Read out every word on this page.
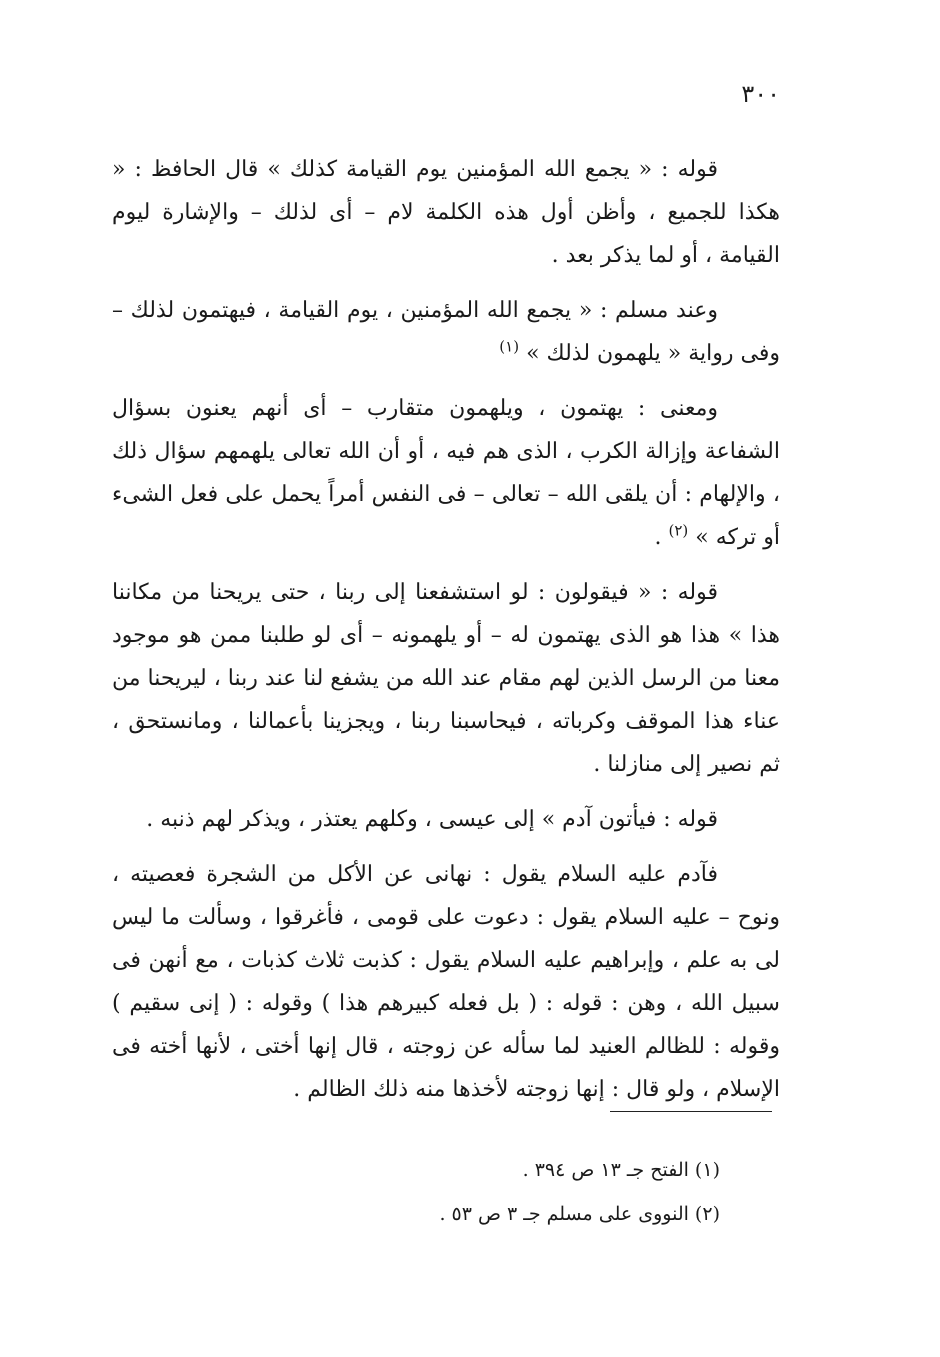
٣٠٠

قوله : « يجمع الله المؤمنين يوم القيامة كذلك » قال الحافظ : « هكذا للجميع ، وأظن أول هذه الكلمة لام – أى لذلك – والإشارة ليوم القيامة ، أو لما يذكر بعد .

وعند مسلم : « يجمع الله المؤمنين ، يوم القيامة ، فيهتمون لذلك – وفى رواية « يلهمون لذلك » $^{(١)}$

ومعنى : يهتمون ، ويلهمون متقارب – أى أنهم يعنون بسؤال الشفاعة وإزالة الكرب ، الذى هم فيه ، أو أن الله تعالى يلهمهم سؤال ذلك ، والإلهام : أن يلقى الله – تعالى – فى النفس أمراً يحمل على فعل الشىء أو تركه » $^{(٢)}$ .

قوله : « فيقولون : لو استشفعنا إلى ربنا ، حتى يريحنا من مكاننا هذا » هذا هو الذى يهتمون له – أو يلهمونه – أى لو طلبنا ممن هو موجود معنا من الرسل الذين لهم مقام عند الله من يشفع لنا عند ربنا ، ليريحنا من عناء هذا الموقف وكرباته ، فيحاسبنا ربنا ، ويجزينا بأعمالنا ، ومانستحق ، ثم نصير إلى منازلنا .

قوله : فيأتون آدم » إلى عيسى ، وكلهم يعتذر ، ويذكر لهم ذنبه .

فآدم عليه السلام يقول : نهانى عن الأكل من الشجرة فعصيته ، ونوح – عليه السلام يقول : دعوت على قومى ، فأغرقوا ، وسألت ما ليس لى به علم ، وإبراهيم عليه السلام يقول : كذبت ثلاث كذبات ، مع أنهن فى سبيل الله ، وهن : قوله : ( بل فعله كبيرهم هذا ) وقوله : ( إنى سقيم ) وقوله : للظالم العنيد لما سأله عن زوجته ، قال إنها أختى ، لأنها أخته فى الإسلام ، ولو قال : إنها زوجته لأخذها منه ذلك الظالم .

(١) الفتح جـ ١٣ ص ٣٩٤ .

(٢) النووى على مسلم جـ ٣ ص ٥٣ .
